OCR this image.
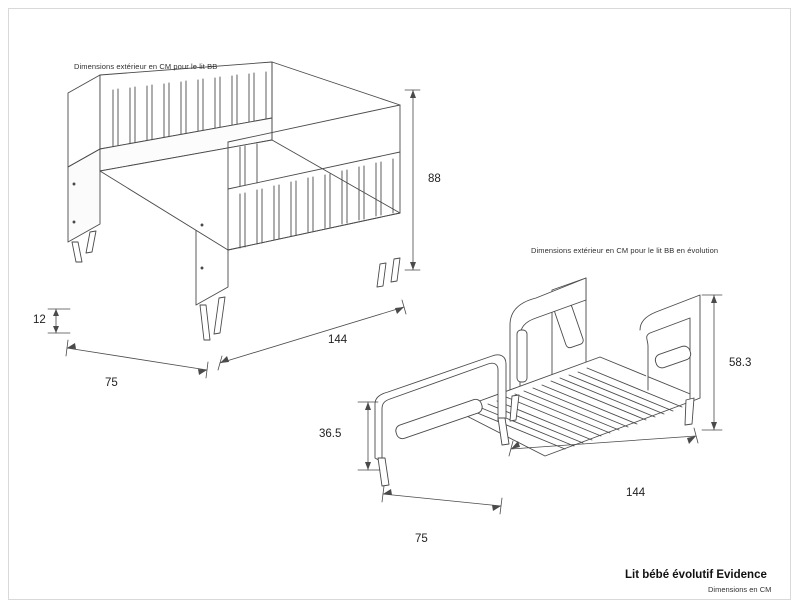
Dimensions extérieur en CM pour le lit BB
Dimensions extérieur en CM pour le lit BB en évolution
88
12
144
75
58.3
36.5
144
75
Lit bébé évolutif Evidence
Dimensions en CM
